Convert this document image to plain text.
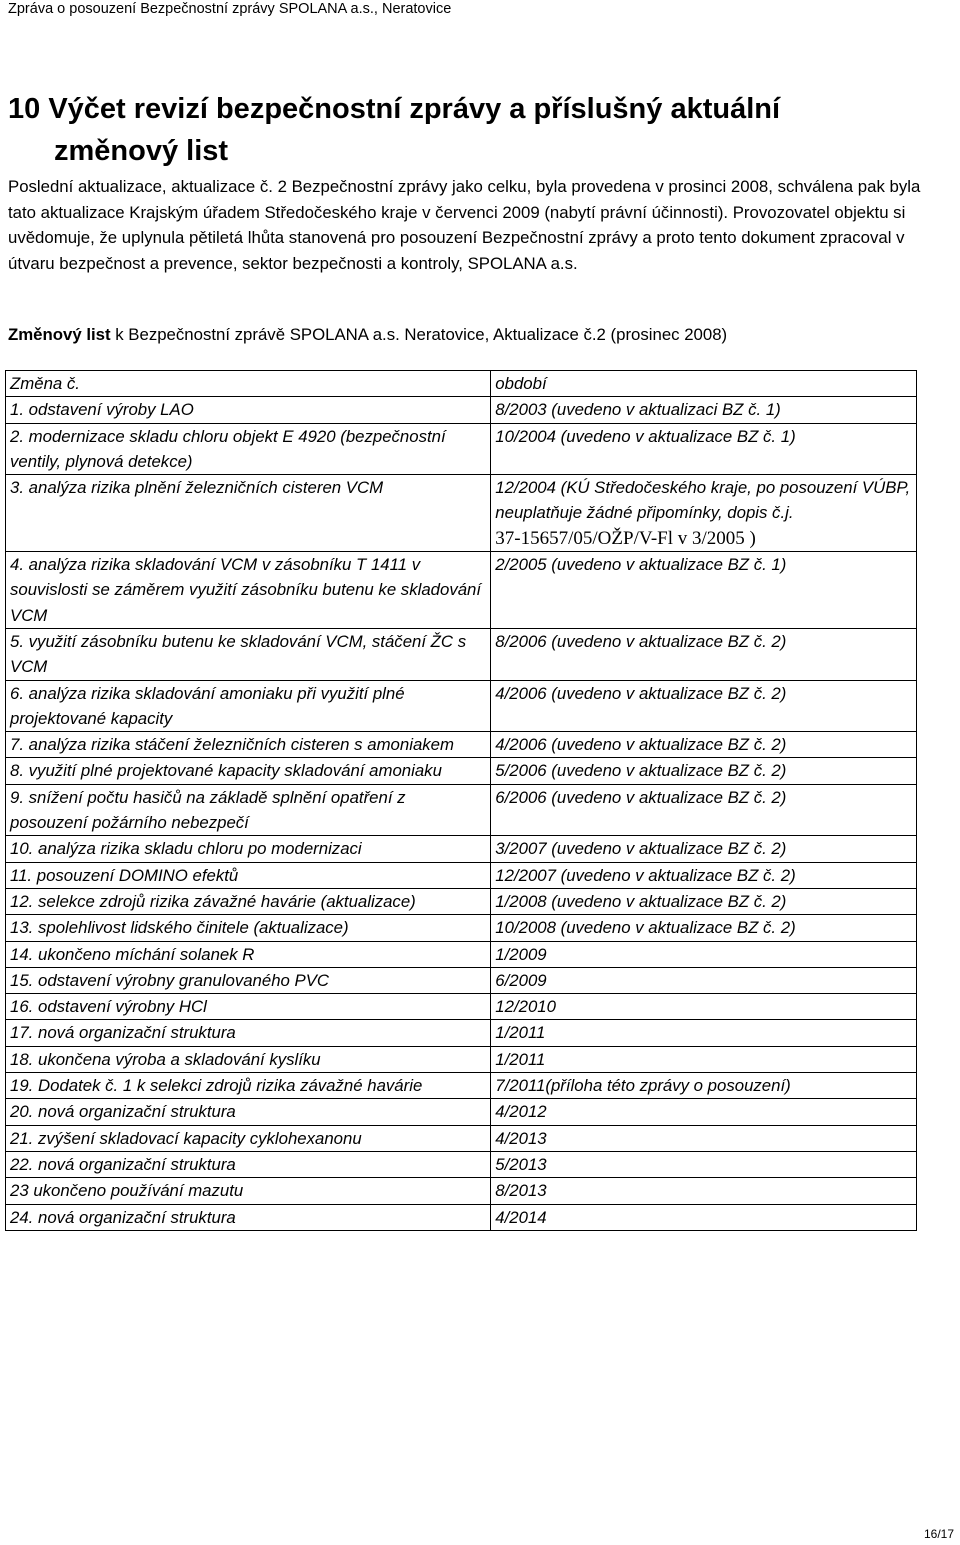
Zpráva o posouzení Bezpečnostní zprávy SPOLANA a.s., Neratovice
10 Výčet revizí bezpečnostní zprávy a příslušný aktuální
změnový list

Poslední aktualizace, aktualizace č. 2 Bezpečnostní zprávy jako celku, byla provedena v prosinci 2008, schválena pak byla tato aktualizace Krajským úřadem Středočeského kraje v červenci 2009 (nabytí právní účinnosti). Provozovatel objektu si uvědomuje, že uplynula pětiletá lhůta stanovená pro posouzení Bezpečnostní zprávy a proto tento dokument zpracoval v útvaru bezpečnost a prevence, sektor bezpečnosti a kontroly, SPOLANA a.s.

Změnový list k Bezpečnostní zprávě SPOLANA a.s. Neratovice, Aktualizace č.2 (prosinec 2008)

Změna č.	období
1. odstavení výroby LAO	8/2003 (uvedeno v aktualizaci BZ č. 1)
2. modernizace skladu chloru objekt E 4920 (bezpečnostní ventily, plynová detekce)	10/2004 (uvedeno v aktualizace BZ č. 1)
3. analýza rizika plnění železničních cisteren VCM	12/2004 (KÚ Středočeského kraje, po posouzení VÚBP, neuplatňuje žádné připomínky, dopis č.j.
37-15657/05/OŽP/V-Fl v 3/2005 )

4. analýza rizika skladování VCM v zásobníku T 1411 v souvislosti se záměrem využití zásobníku butenu ke skladování VCM	2/2005 (uvedeno v aktualizace BZ č. 1)
5. využití zásobníku butenu ke skladování VCM, stáčení ŽC s VCM	8/2006 (uvedeno v aktualizace BZ č. 2)
6. analýza rizika skladování amoniaku při využití plné projektované kapacity	4/2006 (uvedeno v aktualizace BZ č. 2)
7. analýza rizika stáčení železničních cisteren s amoniakem	4/2006 (uvedeno v aktualizace BZ č. 2)
8. využití plné projektované kapacity skladování amoniaku	5/2006 (uvedeno v aktualizace BZ č. 2)
9. snížení počtu hasičů na základě splnění opatření z posouzení požárního nebezpečí	6/2006 (uvedeno v aktualizace BZ č. 2)
10. analýza rizika skladu chloru po modernizaci	3/2007 (uvedeno v aktualizace BZ č. 2)
11. posouzení DOMINO efektů	12/2007 (uvedeno v aktualizace BZ č. 2)
12. selekce zdrojů rizika závažné havárie (aktualizace)	1/2008 (uvedeno v aktualizace BZ č. 2)
13. spolehlivost lidského činitele (aktualizace)	10/2008 (uvedeno v aktualizace BZ č. 2)
14. ukončeno míchání solanek R	1/2009
15. odstavení výrobny granulovaného PVC	6/2009
16. odstavení výrobny HCl	12/2010
17. nová organizační struktura	1/2011
18. ukončena výroba a skladování kyslíku	1/2011
19. Dodatek č. 1 k selekci zdrojů rizika závažné havárie	7/2011(příloha této zprávy o posouzení)
20. nová organizační struktura	4/2012
21. zvýšení skladovací kapacity cyklohexanonu	4/2013
22. nová organizační struktura	5/2013
23 ukončeno používání mazutu	8/2013
24. nová organizační struktura	4/2014
16/17
